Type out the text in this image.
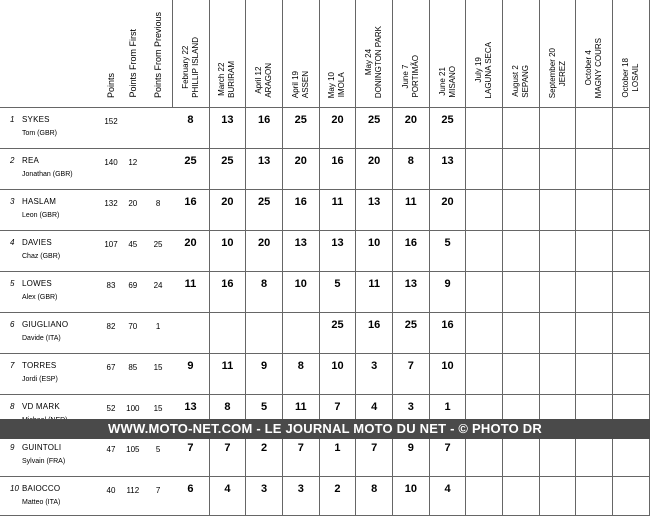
	Points	Points From First	Points From Previous	February 22 PHILLIP ISLAND	March 22 BURIRAM	April 12 ARAGON	April 19 ASSEN	May 10 IMOLA	May 24 DONINGTON PARK	June 7 PORTIMÃO	June 21 MISANO	July 19 LAGUNA SECA	August 2 SEPANG	September 20 JEREZ	October 4 MAGNY COURS	October 18 LOSAIL

1 SYKES
Tom (GBR)	152			8	13	16	25	20	25	20	25					

2 REA
Jonathan (GBR)	140	12		25	25	13	20	16	20	8	13					

3 HASLAM
Leon (GBR)	132	20	8	16	20	25	16	11	13	11	20					

4 DAVIES
Chaz (GBR)	107	45	25	20	10	20	13	13	10	16	5					

5 LOWES
Alex (GBR)	83	69	24	11	16	8	10	5	11	13	9					

6 GIUGLIANO
Davide (ITA)	82	70	1					25	16	25	16					

7 TORRES
Jordi (ESP)	67	85	15	9	11	9	8	10	3	7	10					

8 VD MARK	52	100	15	13	8	5	11	7	4	3	1					

9 GUINTOLI
Sylvain (FRA)	47	105	5	7	7	2	7	1	7	9	7					

10 BAIOCCO
Matteo (ITA)	40	112	7	6	4	3	3	2	8	10	4					
WWW.MOTO-NET.COM - LE JOURNAL MOTO DU NET - © PHOTO DR
